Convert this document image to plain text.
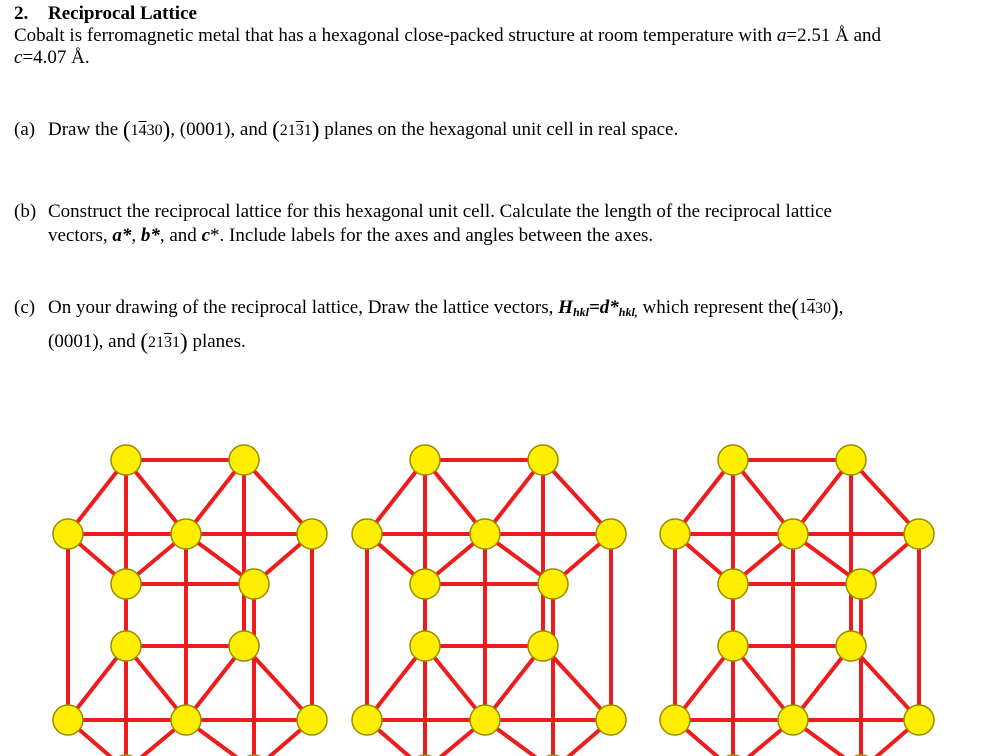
2. Reciprocal Lattice
Cobalt is ferromagnetic metal that has a hexagonal close-packed structure at room temperature with a=2.51 Å and
c=4.07 Å.
(a) Draw the (1430), (0001), and (2131) planes on the hexagonal unit cell in real space.
(b) Construct the reciprocal lattice for this hexagonal unit cell. Calculate the length of the reciprocal lattice
vectors, a*, b*, and c*. Include labels for the axes and angles between the axes.
(c) On your drawing of the reciprocal lattice, Draw the lattice vectors, $H_{hkl}=d*_{hkl,}$ which represent the(1430),
(0001), and (2131) planes.
